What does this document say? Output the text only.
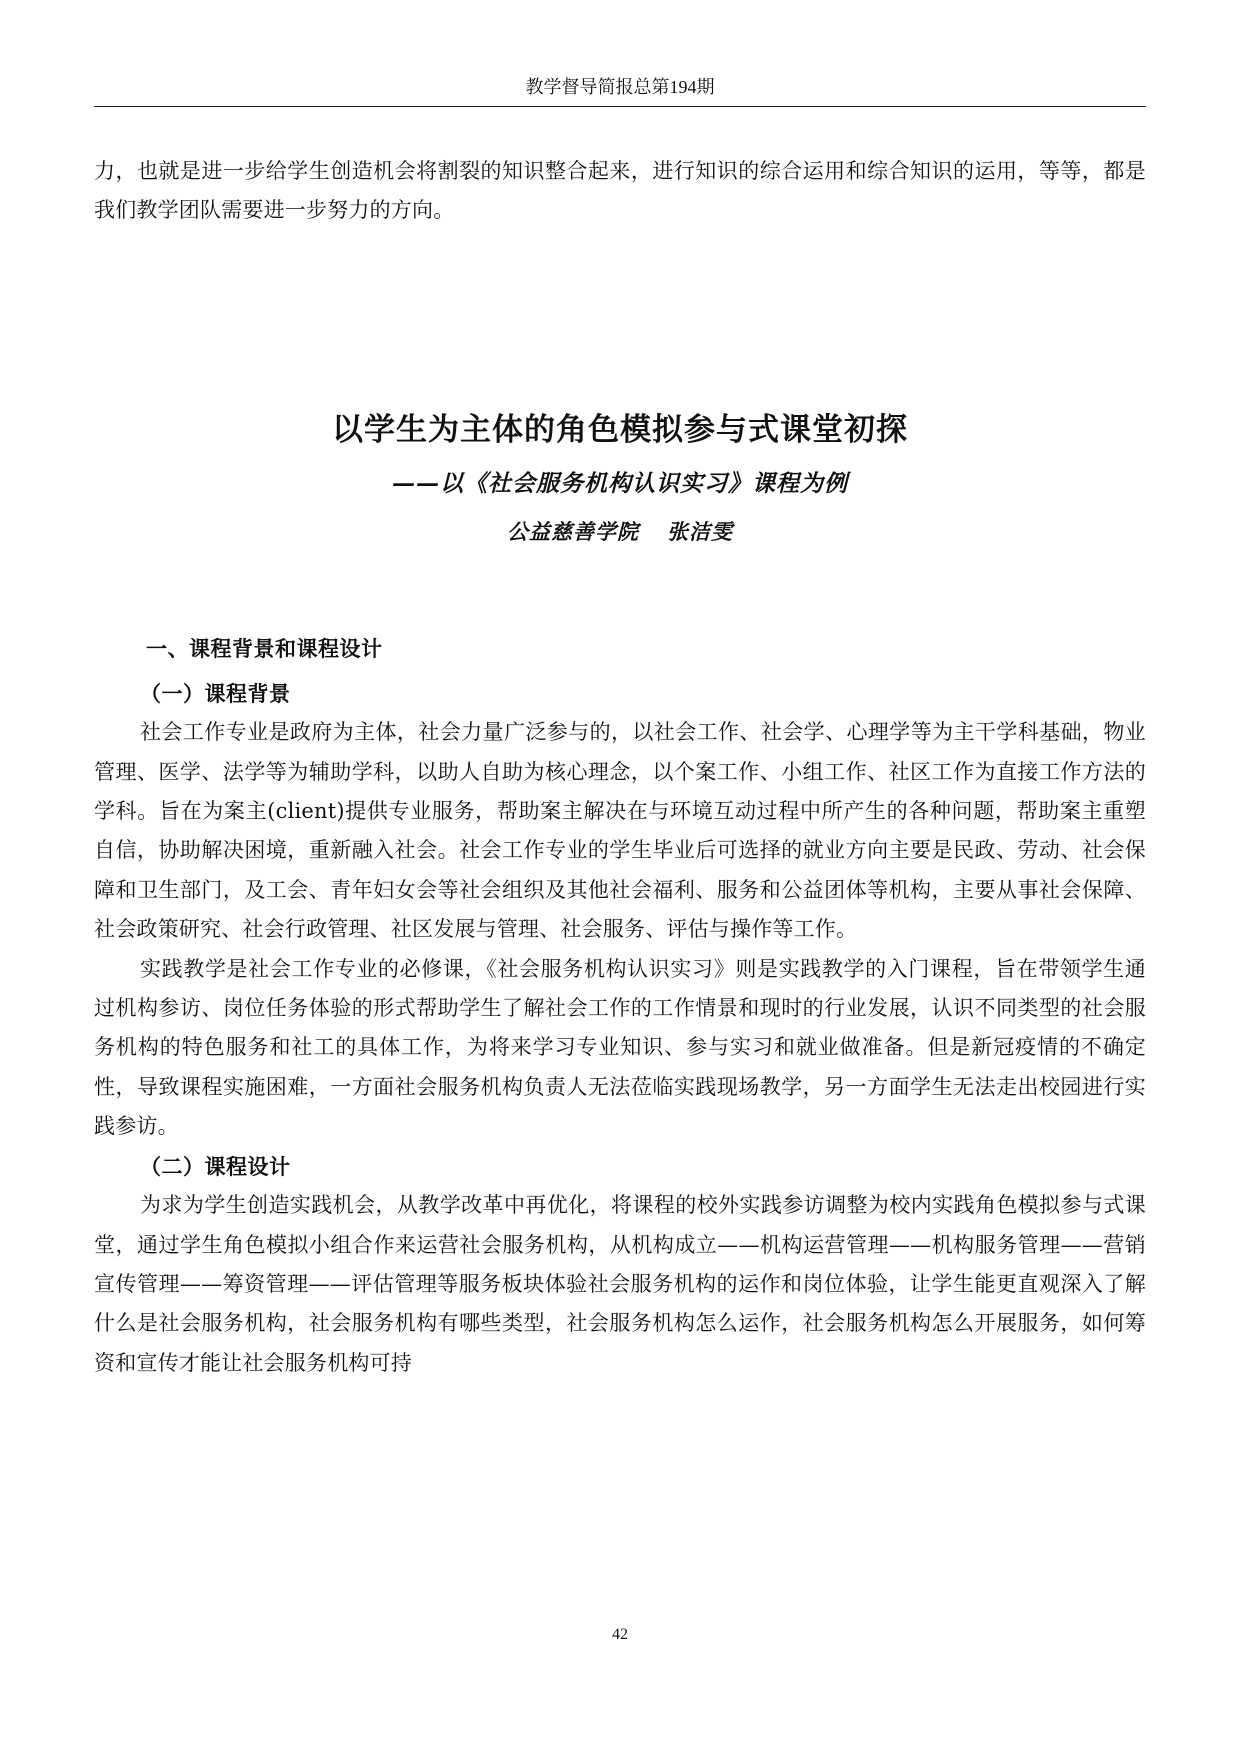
教学督导简报总第194期

力，也就是进一步给学生创造机会将割裂的知识整合起来，进行知识的综合运用和综合知识的运用，等等，都是我们教学团队需要进一步努力的方向。

以学生为主体的角色模拟参与式课堂初探
——以《社会服务机构认识实习》课程为例
公益慈善学院 张洁雯
一、课程背景和课程设计
（一）课程背景

社会工作专业是政府为主体，社会力量广泛参与的，以社会工作、社会学、心理学等为主干学科基础，物业管理、医学、法学等为辅助学科，以助人自助为核心理念，以个案工作、小组工作、社区工作为直接工作方法的学科。旨在为案主(client)提供专业服务，帮助案主解决在与环境互动过程中所产生的各种问题，帮助案主重塑自信，协助解决困境，重新融入社会。社会工作专业的学生毕业后可选择的就业方向主要是民政、劳动、社会保障和卫生部门，及工会、青年妇女会等社会组织及其他社会福利、服务和公益团体等机构，主要从事社会保障、社会政策研究、社会行政管理、社区发展与管理、社会服务、评估与操作等工作。

实践教学是社会工作专业的必修课，《社会服务机构认识实习》则是实践教学的入门课程，旨在带领学生通过机构参访、岗位任务体验的形式帮助学生了解社会工作的工作情景和现时的行业发展，认识不同类型的社会服务机构的特色服务和社工的具体工作，为将来学习专业知识、参与实习和就业做准备。但是新冠疫情的不确定性，导致课程实施困难，一方面社会服务机构负责人无法莅临实践现场教学，另一方面学生无法走出校园进行实践参访。

（二）课程设计

为求为学生创造实践机会，从教学改革中再优化，将课程的校外实践参访调整为校内实践角色模拟参与式课堂，通过学生角色模拟小组合作来运营社会服务机构，从机构成立——机构运营管理——机构服务管理——营销宣传管理——筹资管理——评估管理等服务板块体验社会服务机构的运作和岗位体验，让学生能更直观深入了解什么是社会服务机构，社会服务机构有哪些类型，社会服务机构怎么运作，社会服务机构怎么开展服务，如何筹资和宣传才能让社会服务机构可持

42
